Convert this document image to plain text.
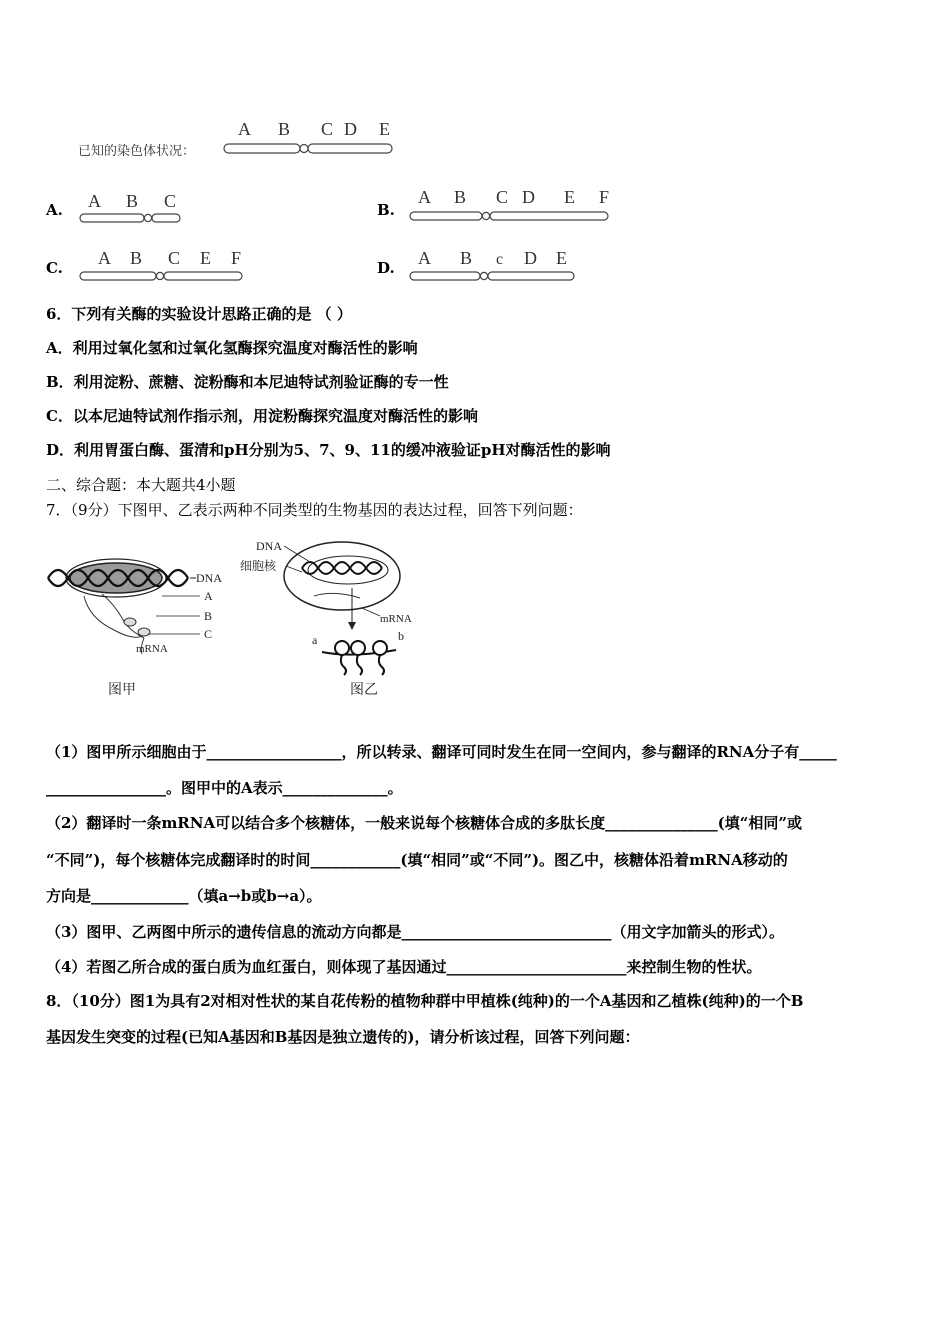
已知的染色体状况：
A B C D E
A. A B C	B.
A B C D E F
C. A B C E F	D. A B c D E
6．下列有关酶的实验设计思路正确的是 （ ）
A．利用过氧化氢和过氧化氢酶探究温度对酶活性的影响
B．利用淀粉、蔗糖、淀粉酶和本尼迪特试剂验证酶的专一性
C．以本尼迪特试剂作指示剂，用淀粉酶探究温度对酶活性的影响
D．利用胃蛋白酶、蛋清和pH分别为5、7、9、11的缓冲液验证pH对酶活性的影响
二、综合题：本大题共4小题
7．（9分）下图甲、乙表示两种不同类型的生物基因的表达过程，回答下列问题：
DNA
A
B
C
mRNA
图甲
DNA
细胞核
mRNA
a	b
图乙
（1）图甲所示细胞由于__________________，所以转录、翻译可同时发生在同一空间内，参与翻译的RNA分子有_____
________________。图甲中的A表示______________。
（2）翻译时一条mRNA可以结合多个核糖体，一般来说每个核糖体合成的多肽长度_______________(填“相同”或
“不同”)，每个核糖体完成翻译时的时间____________(填“相同”或“不同”)。图乙中，核糖体沿着mRNA移动的
方向是_____________（填a→b或b→a）。
（3）图甲、乙两图中所示的遗传信息的流动方向都是____________________________（用文字加箭头的形式）。
（4）若图乙所合成的蛋白质为血红蛋白，则体现了基因通过________________________来控制生物的性状。
8．（10分）图1为具有2对相对性状的某自花传粉的植物种群中甲植株(纯种)的一个A基因和乙植株(纯种)的一个B
基因发生突变的过程(已知A基因和B基因是独立遗传的)，请分析该过程，回答下列问题：
